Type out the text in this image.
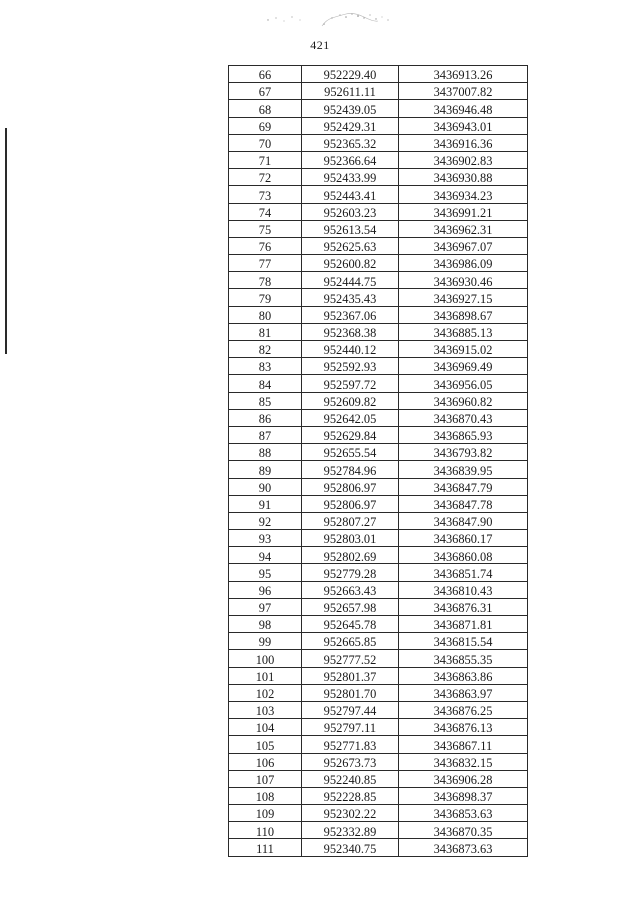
421
66	952229.40	3436913.26
67	952611.11	3437007.82
68	952439.05	3436946.48
69	952429.31	3436943.01
70	952365.32	3436916.36
71	952366.64	3436902.83
72	952433.99	3436930.88
73	952443.41	3436934.23
74	952603.23	3436991.21
75	952613.54	3436962.31
76	952625.63	3436967.07
77	952600.82	3436986.09
78	952444.75	3436930.46
79	952435.43	3436927.15
80	952367.06	3436898.67
81	952368.38	3436885.13
82	952440.12	3436915.02
83	952592.93	3436969.49
84	952597.72	3436956.05
85	952609.82	3436960.82
86	952642.05	3436870.43
87	952629.84	3436865.93
88	952655.54	3436793.82
89	952784.96	3436839.95
90	952806.97	3436847.79
91	952806.97	3436847.78
92	952807.27	3436847.90
93	952803.01	3436860.17
94	952802.69	3436860.08
95	952779.28	3436851.74
96	952663.43	3436810.43
97	952657.98	3436876.31
98	952645.78	3436871.81
99	952665.85	3436815.54
100	952777.52	3436855.35
101	952801.37	3436863.86
102	952801.70	3436863.97
103	952797.44	3436876.25
104	952797.11	3436876.13
105	952771.83	3436867.11
106	952673.73	3436832.15
107	952240.85	3436906.28
108	952228.85	3436898.37
109	952302.22	3436853.63
110	952332.89	3436870.35
111	952340.75	3436873.63
